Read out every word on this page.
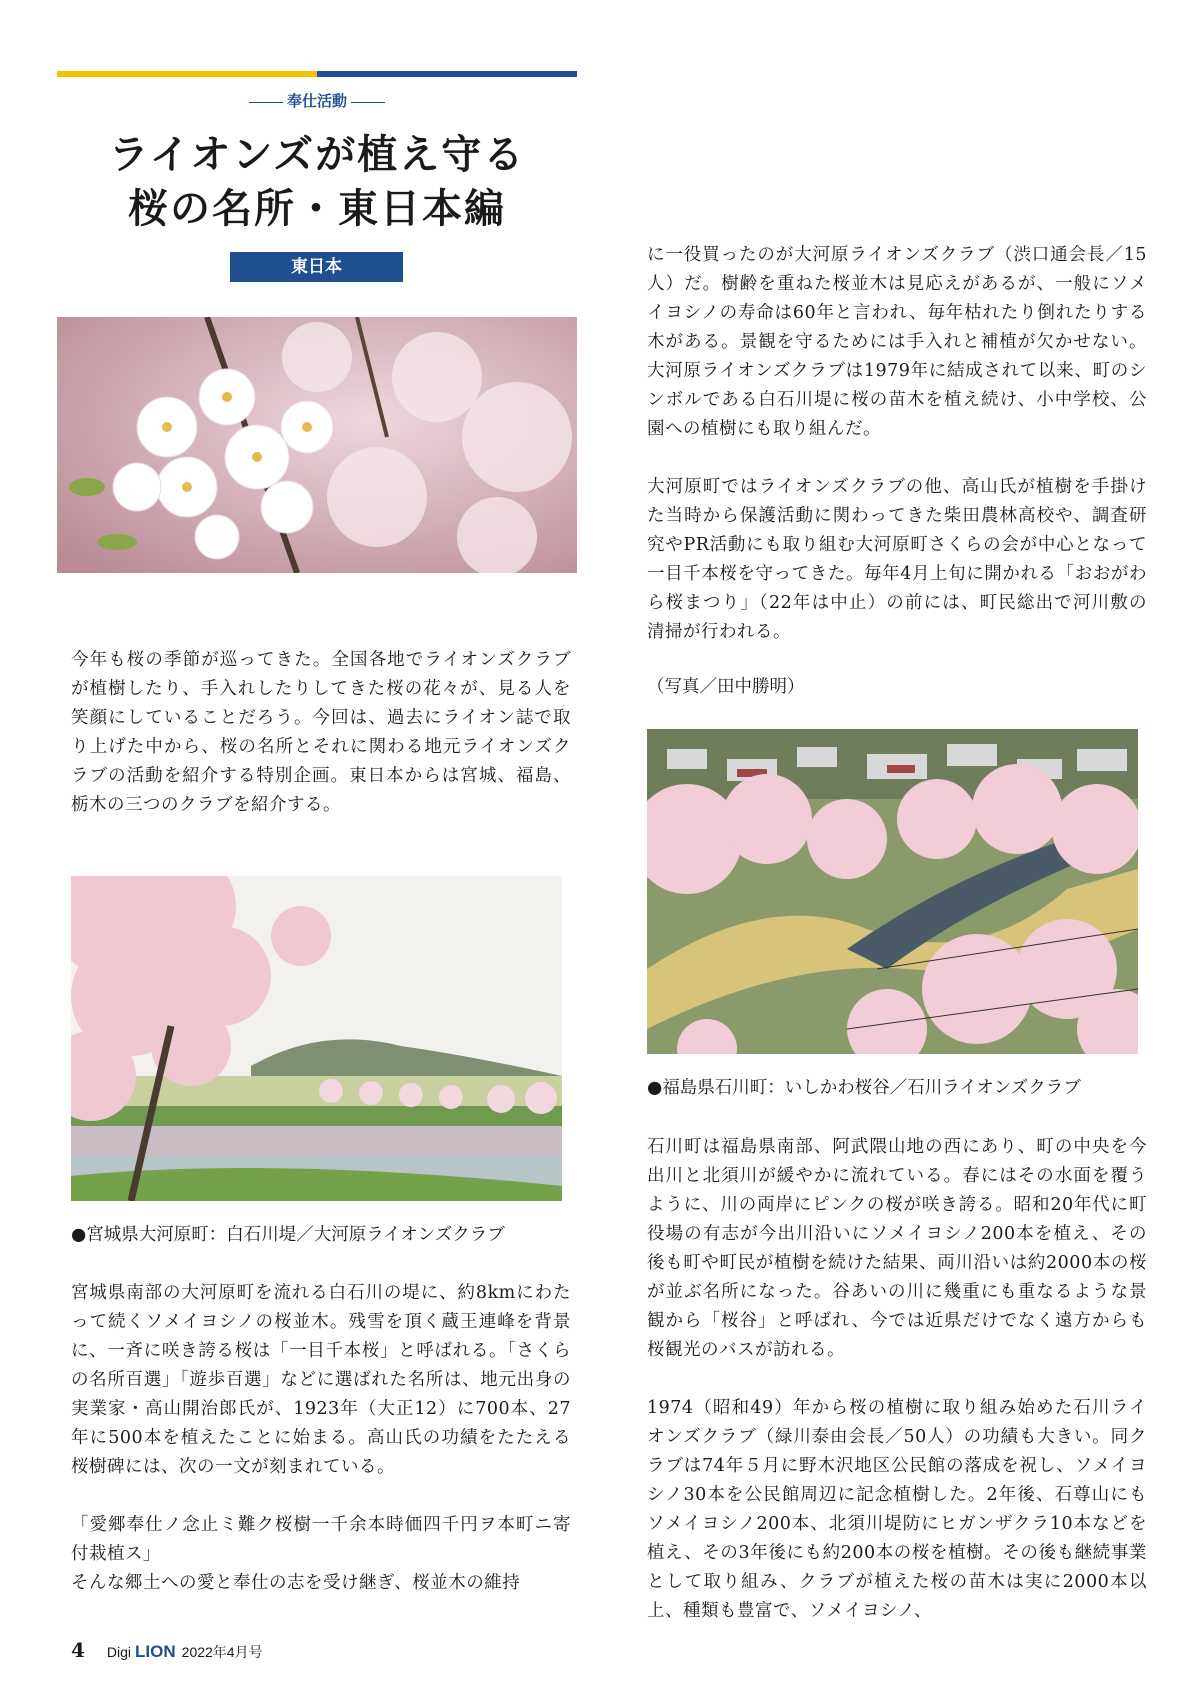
奉仕活動
ライオンズが植え守る
桜の名所・東日本編
東日本
今年も桜の季節が巡ってきた。全国各地でライオンズクラブが植樹したり、手入れしたりしてきた桜の花々が、見る人を笑顔にしていることだろう。今回は、過去にライオン誌で取り上げた中から、桜の名所とそれに関わる地元ライオンズクラブの活動を紹介する特別企画。東日本からは宮城、福島、栃木の三つのクラブを紹介する。
●宮城県大河原町：白石川堤／大河原ライオンズクラブ
宮城県南部の大河原町を流れる白石川の堤に、約8kmにわたって続くソメイヨシノの桜並木。残雪を頂く蔵王連峰を背景に、一斉に咲き誇る桜は「一目千本桜」と呼ばれる。「さくらの名所百選」「遊歩百選」などに選ばれた名所は、地元出身の実業家・高山開治郎氏が、1923年（大正12）に700本、27年に500本を植えたことに始まる。高山氏の功績をたたえる桜樹碑には、次の一文が刻まれている。

「愛郷奉仕ノ念止ミ難ク桜樹一千余本時価四千円ヲ本町ニ寄付栽植ス」
そんな郷土への愛と奉仕の志を受け継ぎ、桜並木の維持
に一役買ったのが大河原ライオンズクラブ（渋口通会長／15人）だ。樹齢を重ねた桜並木は見応えがあるが、一般にソメイヨシノの寿命は60年と言われ、毎年枯れたり倒れたりする木がある。景観を守るためには手入れと補植が欠かせない。大河原ライオンズクラブは1979年に結成されて以来、町のシンボルである白石川堤に桜の苗木を植え続け、小中学校、公園への植樹にも取り組んだ。

大河原町ではライオンズクラブの他、高山氏が植樹を手掛けた当時から保護活動に関わってきた柴田農林高校や、調査研究やPR活動にも取り組む大河原町さくらの会が中心となって一目千本桜を守ってきた。毎年4月上旬に開かれる「おおがわら桜まつり」（22年は中止）の前には、町民総出で河川敷の清掃が行われる。
（写真／田中勝明）
●福島県石川町：いしかわ桜谷／石川ライオンズクラブ
石川町は福島県南部、阿武隈山地の西にあり、町の中央を今出川と北須川が緩やかに流れている。春にはその水面を覆うように、川の両岸にピンクの桜が咲き誇る。昭和20年代に町役場の有志が今出川沿いにソメイヨシノ200本を植え、その後も町や町民が植樹を続けた結果、両川沿いは約2000本の桜が並ぶ名所になった。谷あいの川に幾重にも重なるような景観から「桜谷」と呼ばれ、今では近県だけでなく遠方からも桜観光のバスが訪れる。

1974（昭和49）年から桜の植樹に取り組み始めた石川ライオンズクラブ（緑川泰由会長／50人）の功績も大きい。同クラブは74年５月に野木沢地区公民館の落成を祝し、ソメイヨシノ30本を公民館周辺に記念植樹した。2年後、石尊山にもソメイヨシノ200本、北須川堤防にヒガンザクラ10本などを植え、その3年後にも約200本の桜を植樹。その後も継続事業として取り組み、クラブが植えた桜の苗木は実に2000本以上、種類も豊富で、ソメイヨシノ、
4 Digi LION 2022年4月号
